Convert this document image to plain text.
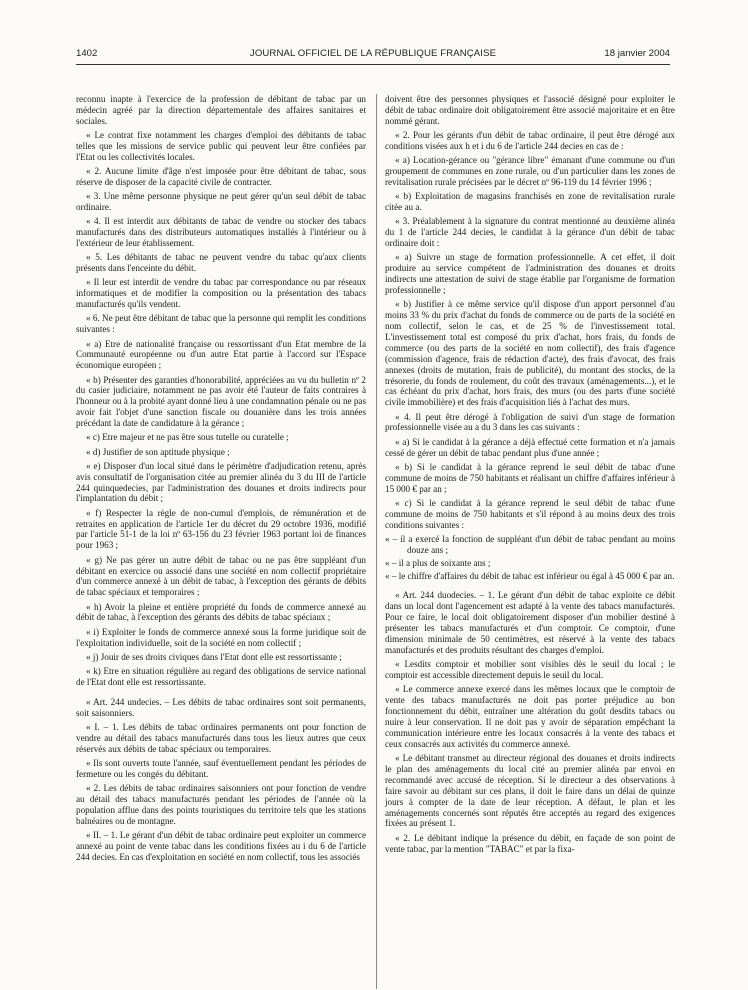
1402	JOURNAL OFFICIEL DE LA RÉPUBLIQUE FRANÇAISE	18 janvier 2004

reconnu inapte à l'exercice de la profession de débitant de tabac par un médecin agréé par la direction départementale des affaires sanitaires et sociales.

« Le contrat fixe notamment les charges d'emploi des débitants de tabac telles que les missions de service public qui peuvent leur être confiées par l'Etat ou les collectivités locales.

« 2. Aucune limite d'âge n'est imposée pour être débitant de tabac, sous réserve de disposer de la capacité civile de contracter.

« 3. Une même personne physique ne peut gérer qu'un seul débit de tabac ordinaire.

« 4. Il est interdit aux débitants de tabac de vendre ou stocker des tabacs manufacturés dans des distributeurs automatiques installés à l'intérieur ou à l'extérieur de leur établissement.

« 5. Les débitants de tabac ne peuvent vendre du tabac qu'aux clients présents dans l'enceinte du débit.

« Il leur est interdit de vendre du tabac par correspondance ou par réseaux informatiques et de modifier la composition ou la présentation des tabacs manufacturés qu'ils vendent.

« 6. Ne peut être débitant de tabac que la personne qui remplit les conditions suivantes :

« a) Etre de nationalité française ou ressortissant d'un Etat membre de la Communauté européenne ou d'un autre Etat partie à l'accord sur l'Espace économique européen ;

« b) Présenter des garanties d'honorabilité, appréciées au vu du bulletin nº 2 du casier judiciaire, notamment ne pas avoir été l'auteur de faits contraires à l'honneur ou à la probité ayant donné lieu à une condamnation pénale ou ne pas avoir fait l'objet d'une sanction fiscale ou douanière dans les trois années précédant la date de candidature à la gérance ;

« c) Etre majeur et ne pas être sous tutelle ou curatelle ;

« d) Justifier de son aptitude physique ;

« e) Disposer d'un local situé dans le périmètre d'adjudication retenu, après avis consultatif de l'organisation citée au premier alinéa du 3 du III de l'article 244 quinquedecies, par l'administration des douanes et droits indirects pour l'implantation du débit ;

« f) Respecter la règle de non-cumul d'emplois, de rémunération et de retraites en application de l'article 1er du décret du 29 octobre 1936, modifié par l'article 51-1 de la loi nº 63-156 du 23 février 1963 portant loi de finances pour 1963 ;

« g) Ne pas gérer un autre débit de tabac ou ne pas être suppléant d'un débitant en exercice ou associé dans une société en nom collectif propriétaire d'un commerce annexé à un débit de tabac, à l'exception des gérants de débits de tabac spéciaux et temporaires ;

« h) Avoir la pleine et entière propriété du fonds de commerce annexé au débit de tabac, à l'exception des gérants des débits de tabac spéciaux ;

« i) Exploiter le fonds de commerce annexé sous la forme juridique soit de l'exploitation individuelle, soit de la société en nom collectif ;

« j) Jouir de ses droits civiques dans l'Etat dont elle est ressortissante ;

« k) Etre en situation régulière au regard des obligations de service national de l'Etat dont elle est ressortissante.

« Art. 244 undecies. – Les débits de tabac ordinaires sont soit permanents, soit saisonniers.

« I. – 1. Les débits de tabac ordinaires permanents ont pour fonction de vendre au détail des tabacs manufacturés dans tous les lieux autres que ceux réservés aux débits de tabac spéciaux ou temporaires.

« Ils sont ouverts toute l'année, sauf éventuellement pendant les périodes de fermeture ou les congés du débitant.

« 2. Les débits de tabac ordinaires saisonniers ont pour fonction de vendre au détail des tabacs manufacturés pendant les périodes de l'année où la population afflue dans des points touristiques du territoire tels que les stations balnéaires ou de montagne.

« II. – 1. Le gérant d'un débit de tabac ordinaire peut exploiter un commerce annexé au point de vente tabac dans les conditions fixées au i du 6 de l'article 244 decies. En cas d'exploitation en société en nom collectif, tous les associés

doivent être des personnes physiques et l'associé désigné pour exploiter le débit de tabac ordinaire doit obligatoirement être associé majoritaire et en être nommé gérant.

« 2. Pour les gérants d'un débit de tabac ordinaire, il peut être dérogé aux conditions visées aux h et i du 6 de l'article 244 decies en cas de :

« a) Location-gérance ou "gérance libre" émanant d'une commune ou d'un groupement de communes en zone rurale, ou d'un particulier dans les zones de revitalisation rurale précisées par le décret nº 96-119 du 14 février 1996 ;

« b) Exploitation de magasins franchisés en zone de revitalisation rurale citée au a.

« 3. Préalablement à la signature du contrat mentionné au deuxième alinéa du 1 de l'article 244 decies, le candidat à la gérance d'un débit de tabac ordinaire doit :

« a) Suivre un stage de formation professionnelle. A cet effet, il doit produire au service compétent de l'administration des douanes et droits indirects une attestation de suivi de stage établie par l'organisme de formation professionnelle ;

« b) Justifier à ce même service qu'il dispose d'un apport personnel d'au moins 33 % du prix d'achat du fonds de commerce ou de parts de la société en nom collectif, selon le cas, et de 25 % de l'investissement total. L'investissement total est composé du prix d'achat, hors frais, du fonds de commerce (ou des parts de la société en nom collectif), des frais d'agence (commission d'agence, frais de rédaction d'acte), des frais d'avocat, des frais annexes (droits de mutation, frais de publicité), du montant des stocks, de la trésorerie, du fonds de roulement, du coût des travaux (aménagements...), et le cas échéant du prix d'achat, hors frais, des murs (ou des parts d'une société civile immobilière) et des frais d'acquisition liés à l'achat des murs.

« 4. Il peut être dérogé à l'obligation de suivi d'un stage de formation professionnelle visée au a du 3 dans les cas suivants :

« a) Si le candidat à la gérance a déjà effectué cette formation et n'a jamais cessé de gérer un débit de tabac pendant plus d'une année ;

« b) Si le candidat à la gérance reprend le seul débit de tabac d'une commune de moins de 750 habitants et réalisant un chiffre d'affaires inférieur à 15 000 € par an ;

« c) Si le candidat à la gérance reprend le seul débit de tabac d'une commune de moins de 750 habitants et s'il répond à au moins deux des trois conditions suivantes :

« – il a exercé la fonction de suppléant d'un débit de tabac pendant au moins douze ans ;
« – il a plus de soixante ans ;
« – le chiffre d'affaires du débit de tabac est inférieur ou égal à 45 000 € par an.

« Art. 244 duodecies. – 1. Le gérant d'un débit de tabac exploite ce débit dans un local dont l'agencement est adapté à la vente des tabacs manufacturés. Pour ce faire, le local doit obligatoirement disposer d'un mobilier destiné à présenter les tabacs manufacturés et d'un comptoir. Ce comptoir, d'une dimension minimale de 50 centimètres, est réservé à la vente des tabacs manufacturés et des produits résultant des charges d'emploi.

« Lesdits comptoir et mobilier sont visibles dès le seuil du local ; le comptoir est accessible directement depuis le seuil du local.

« Le commerce annexe exercé dans les mêmes locaux que le comptoir de vente des tabacs manufacturés ne doit pas porter préjudice au bon fonctionnement du débit, entraîner une altération du goût desdits tabacs ou nuire à leur conservation. Il ne doit pas y avoir de séparation empêchant la communication intérieure entre les locaux consacrés à la vente des tabacs et ceux consacrés aux activités du commerce annexé.

« Le débitant transmet au directeur régional des douanes et droits indirects le plan des aménagements du local cité au premier alinéa par envoi en recommandé avec accusé de réception. Si le directeur a des observations à faire savoir au débitant sur ces plans, il doit le faire dans un délai de quinze jours à compter de la date de leur réception. A défaut, le plan et les aménagements concernés sont réputés être acceptés au regard des exigences fixées au présent 1.

« 2. Le débitant indique la présence du débit, en façade de son point de vente tabac, par la mention "TABAC" et par la fixa-
